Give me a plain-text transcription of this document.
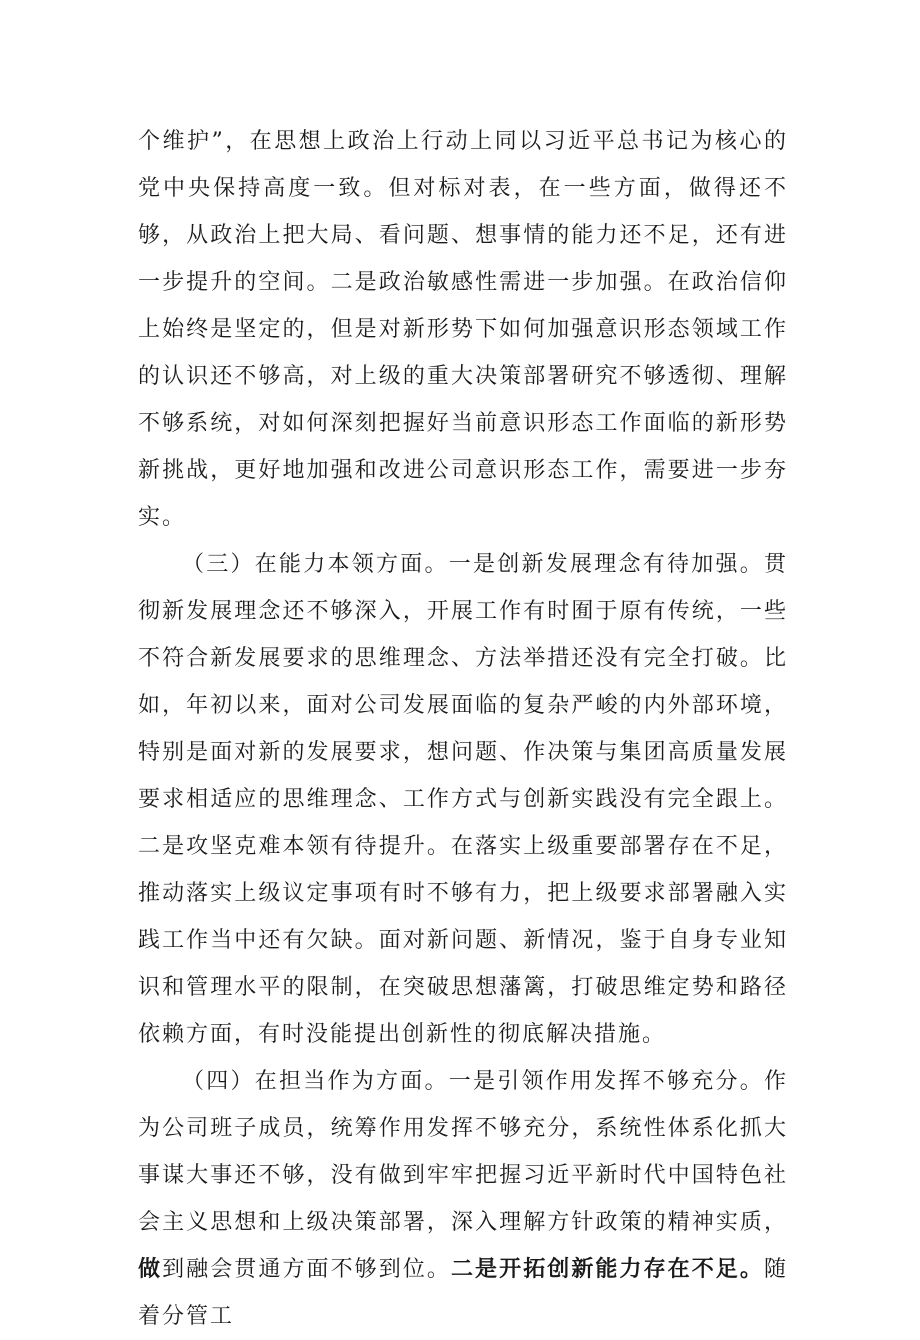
个维护”，在思想上政治上行动上同以习近平总书记为核心的党中央保持高度一致。但对标对表，在一些方面，做得还不够，从政治上把大局、看问题、想事情的能力还不足，还有进一步提升的空间。二是政治敏感性需进一步加强。在政治信仰上始终是坚定的，但是对新形势下如何加强意识形态领域工作的认识还不够高，对上级的重大决策部署研究不够透彻、理解不够系统，对如何深刻把握好当前意识形态工作面临的新形势新挑战，更好地加强和改进公司意识形态工作，需要进一步夯实。

（三）在能力本领方面。一是创新发展理念有待加强。贯彻新发展理念还不够深入，开展工作有时囿于原有传统，一些不符合新发展要求的思维理念、方法举措还没有完全打破。比如，年初以来，面对公司发展面临的复杂严峻的内外部环境，特别是面对新的发展要求，想问题、作决策与集团高质量发展要求相适应的思维理念、工作方式与创新实践没有完全跟上。二是攻坚克难本领有待提升。在落实上级重要部署存在不足，推动落实上级议定事项有时不够有力，把上级要求部署融入实践工作当中还有欠缺。面对新问题、新情况，鉴于自身专业知识和管理水平的限制，在突破思想藩篱，打破思维定势和路径依赖方面，有时没能提出创新性的彻底解决措施。

（四）在担当作为方面。一是引领作用发挥不够充分。作为公司班子成员，统筹作用发挥不够充分，系统性体系化抓大事谋大事还不够，没有做到牢牢把握习近平新时代中国特色社会主义思想和上级决策部署，深入理解方针政策的精神实质，做到融会贯通方面不够到位。二是开拓创新能力存在不足。随着分管工
